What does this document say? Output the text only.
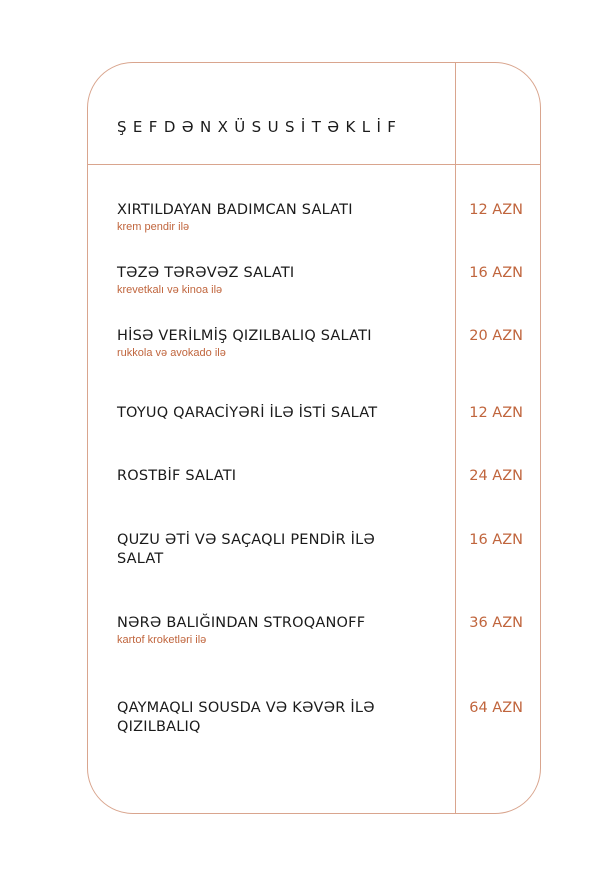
ŞEFDƏNXÜSUSİTƏKLİF
XIRTILDAYAN BADIMCAN SALATI
krem pendir ilə
12 AZN
TƏZƏ TƏRƏVƏZ SALATI
krevetkalı və kinoa ilə
16 AZN
HİSƏ VERİLMİŞ QIZILBALIQ SALATI
rukkola və avokado ilə
20 AZN
TOYUQ QARACİYƏRİ İLƏ İSTİ SALAT	12 AZN
ROSTBİF SALATI	24 AZN
QUZU ƏTİ VƏ SAÇAQLI PENDİR İLƏ SALAT
16 AZN
NƏRƏ BALIĞINDAN STROQANOFF
kartof kroketləri ilə
36 AZN
QAYMAQLI SOUSDA VƏ KƏVƏR İLƏ QIZILBALIQ
64 AZN
